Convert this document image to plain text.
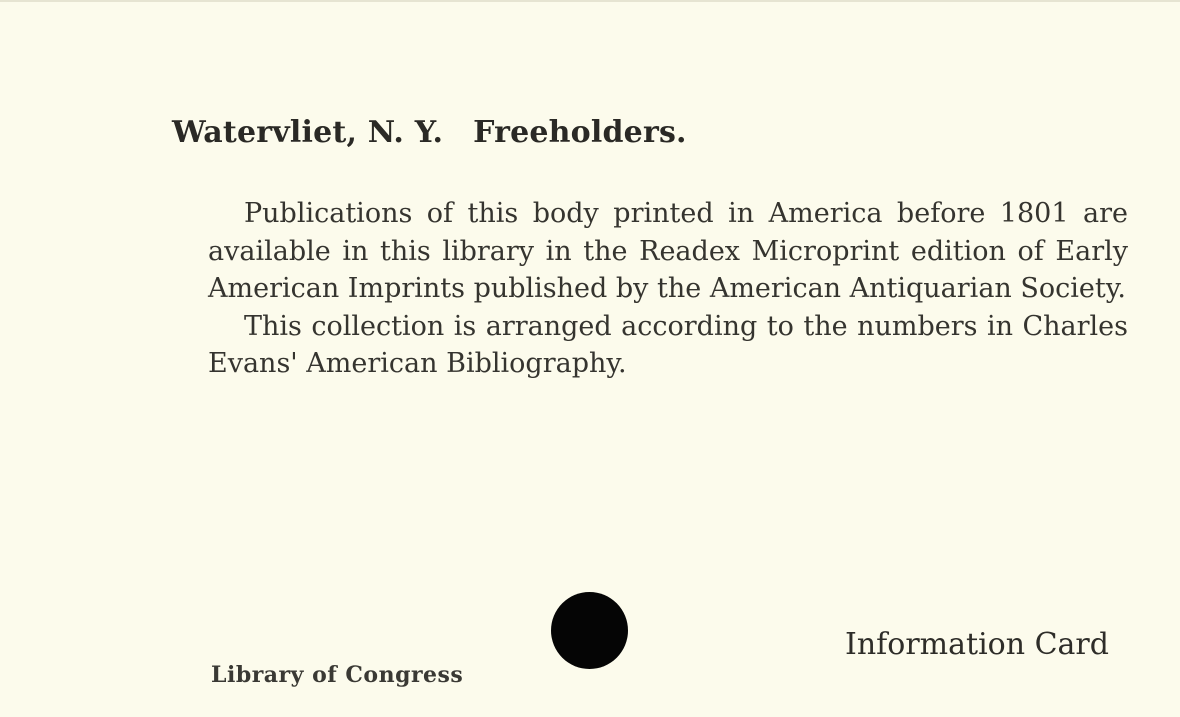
Watervliet, N. Y. Freeholders.

Publications of this body printed in America before 1801 are available in this library in the Readex Microprint edition of Early American Imprints published by the American Antiquarian Society.

This collection is arranged according to the numbers in Charles Evans' American Bibliography.

Library of Congress
Information Card
